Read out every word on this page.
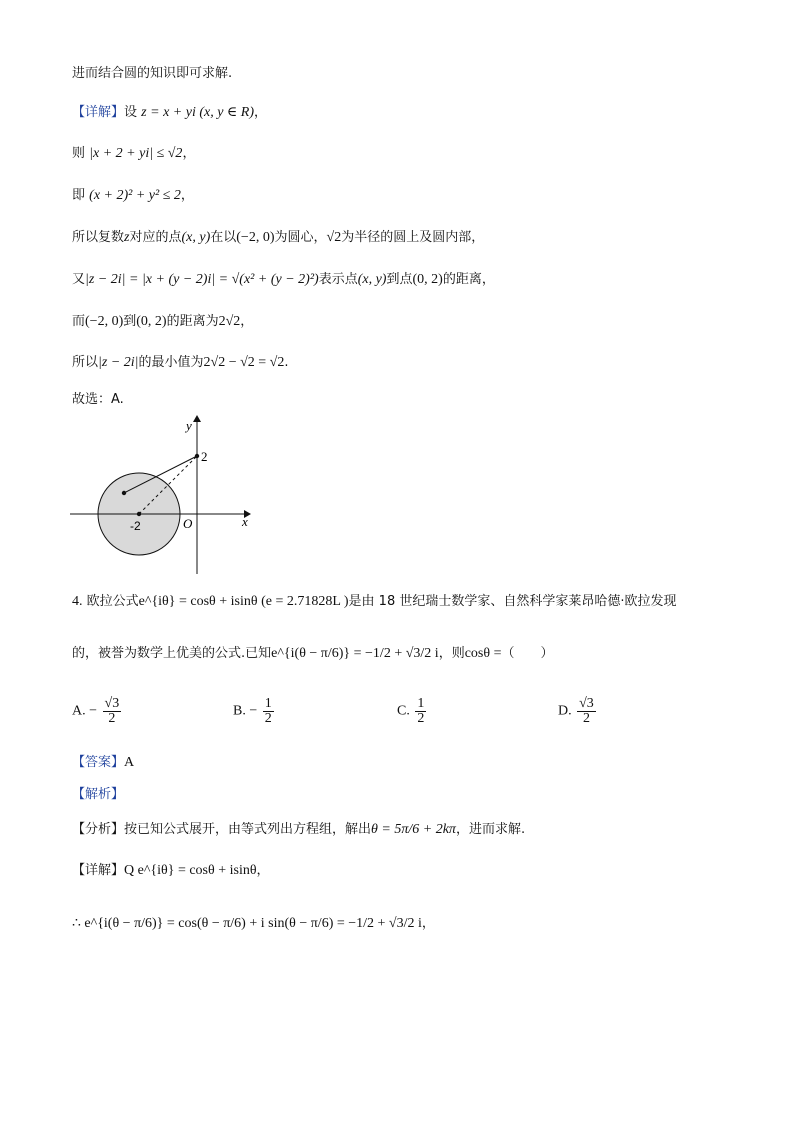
进而结合圆的知识即可求解.
【详解】设 z = x + yi (x, y ∈ R)，
则 |x + 2 + yi| ≤ √2，
即 (x + 2)² + y² ≤ 2，
所以复数z对应的点(x, y)在以(−2, 0)为圆心，√2为半径的圆上及圆内部，
又|z − 2i| = |x + (y − 2)i| = √(x² + (y − 2)²)表示点(x, y)到点(0, 2)的距离，
而(−2, 0)到(0, 2)的距离为2√2，
所以|z − 2i|的最小值为2√2 − √2 = √2.
故选：A.
y
2
-2	O	x
4. 欧拉公式e^{iθ} = cosθ + isinθ (e = 2.71828L )是由 18 世纪瑞士数学家、自然科学家莱昂哈德·欧拉发现
的，被誉为数学上优美的公式.已知e^{i(θ − π/6)} = −1/2 + √3/2 i，则cosθ =（　　）
A. − $\frac{√3}{2}$	B. − $\frac{1}{2}$	C. $\frac{1}{2}$	D. $\frac{√3}{2}$
【答案】A
【解析】
【分析】按已知公式展开，由等式列出方程组，解出θ = 5π/6 + 2kπ，进而求解.
【详解】Q e^{iθ} = cosθ + isinθ，
∴ e^{i(θ − π/6)} = cos(θ − π/6) + i sin(θ − π/6) = −1/2 + √3/2 i，
